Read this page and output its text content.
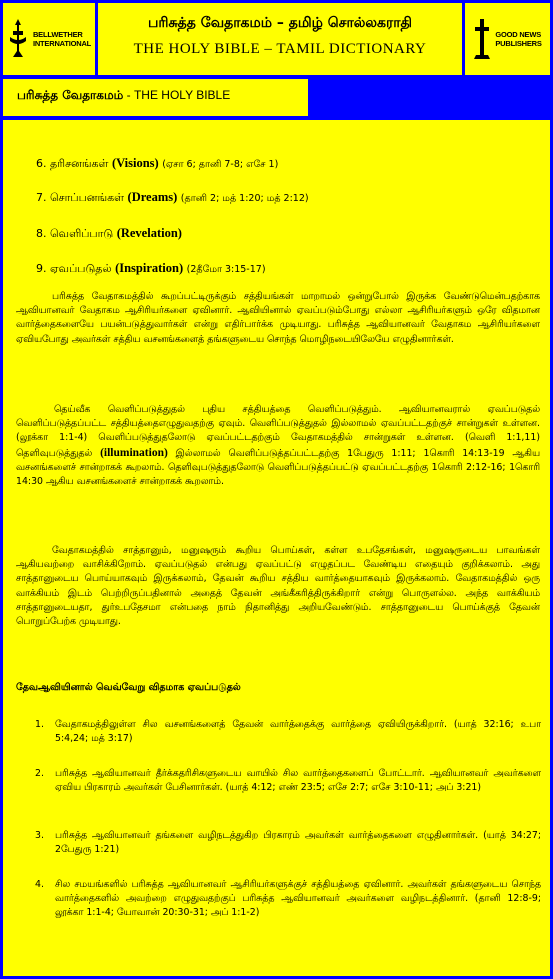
BELLWETHER
INTERNATIONAL
பரிசுத்த வேதாகமம் – தமிழ் சொல்லகராதி
THE HOLY BIBLE – TAMIL DICTIONARY
GOOD NEWS
PUBLISHERS
பரிசுத்த வேதாகமம் - THE HOLY BIBLE
6. தரிசனங்கள் (Visions) (ஏசா 6; தானி 7-8; எசே 1)
7. சொப்பனங்கள் (Dreams) (தானி 2; மத் 1:20; மத் 2:12)
8. வெளிப்பாடு (Revelation)
9. ஏவப்படுதல் (Inspiration) (2தீமோ 3:15-17)
பரிசுத்த வேதாகமத்தில் கூறப்பட்டிருக்கும் சத்தியங்கள் மாறாமல் ஒன்றுபோல் இருக்க வேண்டுமென்பதற்காக ஆவியானவர் வேதாகம ஆசிரியர்களை ஏவினார். ஆவியினால் ஏவப்படும்போது எல்லா ஆசிரியர்களும் ஒரே விதமான வார்த்தைகளையே பயன்படுத்துவார்கள் என்று எதிர்பார்க்க முடியாது. பரிசுத்த ஆவியானவர் வேதாகம ஆசிரியர்களை ஏவியபோது அவர்கள் சத்திய வசனங்களைத் தங்களுடைய சொந்த மொழிநடையிலேயே எழுதினார்கள்.
தெய்வீக வெளிப்படுத்துதல் புதிய சத்தியத்தை வெளிப்படுத்தும். ஆவியானவரால் ஏவப்படுதல் வெளிப்படுத்தப்பட்ட சத்தியத்தைஎழுதுவதற்கு ஏவும். வெளிப்படுத்துதல் இல்லாமல் ஏவப்பட்டதற்குச் சான்றுகள் உள்ளன. (லூக்கா 1:1-4) வெளிப்படுத்துதலோடு ஏவப்பட்டதற்கும் வேதாகமத்தில் சான்றுகள் உள்ளன. (வெளி 1:1,11) தெளிவுபடுத்துதல் (illumination) இல்லாமல் வெளிப்படுத்தப்பட்டதற்கு 1பேதுரு 1:11; 1கொரி 14:13-19 ஆகிய வசனங்களைச் சான்றாகக் கூறலாம். தெளிவுபடுத்துதலோடு வெளிப்படுத்தப்பட்டு ஏவப்பட்டதற்கு 1கொரி 2:12-16; 1கொரி 14:30 ஆகிய வசனங்களைச் சான்றாகக் கூறலாம்.
வேதாகமத்தில் சாத்தானும், மனுஷரும் கூறிய பொய்கள், கள்ள உபதேசங்கள், மனுஷருடைய பாவங்கள் ஆகியவற்றை வாசிக்கிறோம். ஏவப்படுதல் என்பது ஏவப்பட்டு எழுதப்பட வேண்டிய எதையும் குறிக்கலாம். அது சாத்தானுடைய பொய்யாகவும் இருக்கலாம், தேவன் கூறிய சத்திய வார்த்தையாகவும் இருக்கலாம். வேதாகமத்தில் ஒரு வாக்கியம் இடம் பெற்றிருப்பதினால் அதைத் தேவன் அங்கீகரித்திருக்கிறார் என்று பொருளல்ல. அந்த வாக்கியம் சாத்தானுடையதா, துர்உபதேசமா என்பதை நாம் நிதானித்து அறியவேண்டும். சாத்தானுடைய பொய்க்குத் தேவன் பொறுப்பேற்க முடியாது.
தேவஆவியினால் வெவ்வேறு விதமாக ஏவப்படுதல்
1. வேதாகமத்திலுள்ள சில வசனங்களைத் தேவன் வார்த்தைக்கு வார்த்தை ஏவியிருக்கிறார். (யாத் 32:16; உபா 5:4,24; மத் 3:17)
2. பரிசுத்த ஆவியானவர் தீர்க்கதரிசிகளுடைய வாயில் சில வார்த்தைகளைப் போட்டார். ஆவியானவர் அவர்களை ஏவிய பிரகாரம் அவர்கள் பேசினார்கள். (யாத் 4:12; எண் 23:5; எசே 2:7; எசே 3:10-11; அப் 3:21)
3. பரிசுத்த ஆவியானவர் தங்களை வழிநடத்துகிற பிரகாரம் அவர்கள் வார்த்தைகளை எழுதினார்கள். (யாத் 34:27; 2பேதுரு 1:21)
4. சில சமயங்களில் பரிசுத்த ஆவியானவர் ஆசிரியர்களுக்குச் சத்தியத்தை ஏவினார். அவர்கள் தங்களுடைய சொந்த வார்த்தைகளில் அவற்றை எழுதுவதற்குப் பரிசுத்த ஆவியானவர் அவர்களை வழிநடத்தினார். (தானி 12:8-9; லூக்கா 1:1-4; யோவான் 20:30-31; அப் 1:1-2)
